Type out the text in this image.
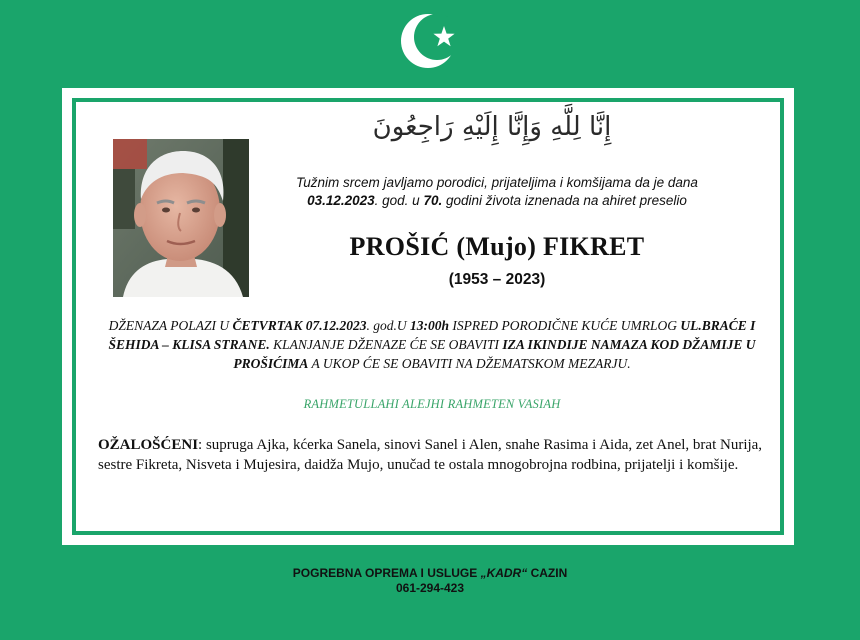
إِنَّا لِلَّهِ وَإِنَّا إِلَيْهِ رَاجِعُونَ
Tužnim srcem javljamo porodici, prijateljima i komšijama da je dana
03.12.2023. god. u 70. godini života iznenada na ahiret preselio
PROŠIĆ (Mujo) FIKRET
(1953 – 2023)
DŽENAZA POLAZI U ČETVRTAK 07.12.2023. god.U 13:00h ISPRED PORODIČNE KUĆE UMRLOG UL.BRAĆE I ŠEHIDA – KLISA STRANE. KLANJANJE DŽENAZE ĆE SE OBAVITI IZA IKINDIJE NAMAZA KOD DŽAMIJE U PROŠIĆIMA A UKOP ĆE SE OBAVITI NA DŽEMATSKOM MEZARJU.
RAHMETULLAHI ALEJHI RAHMETEN VASIAH
OŽALOŠĆENI: supruga Ajka, kćerka Sanela, sinovi Sanel i Alen, snahe Rasima i Aida, zet Anel, brat Nurija, sestre Fikreta, Nisveta i Mujesira, daidža Mujo, unučad te ostala mnogobrojna rodbina, prijatelji i komšije.
POGREBNA OPREMA I USLUGE „KADR“ CAZIN
061-294-423
